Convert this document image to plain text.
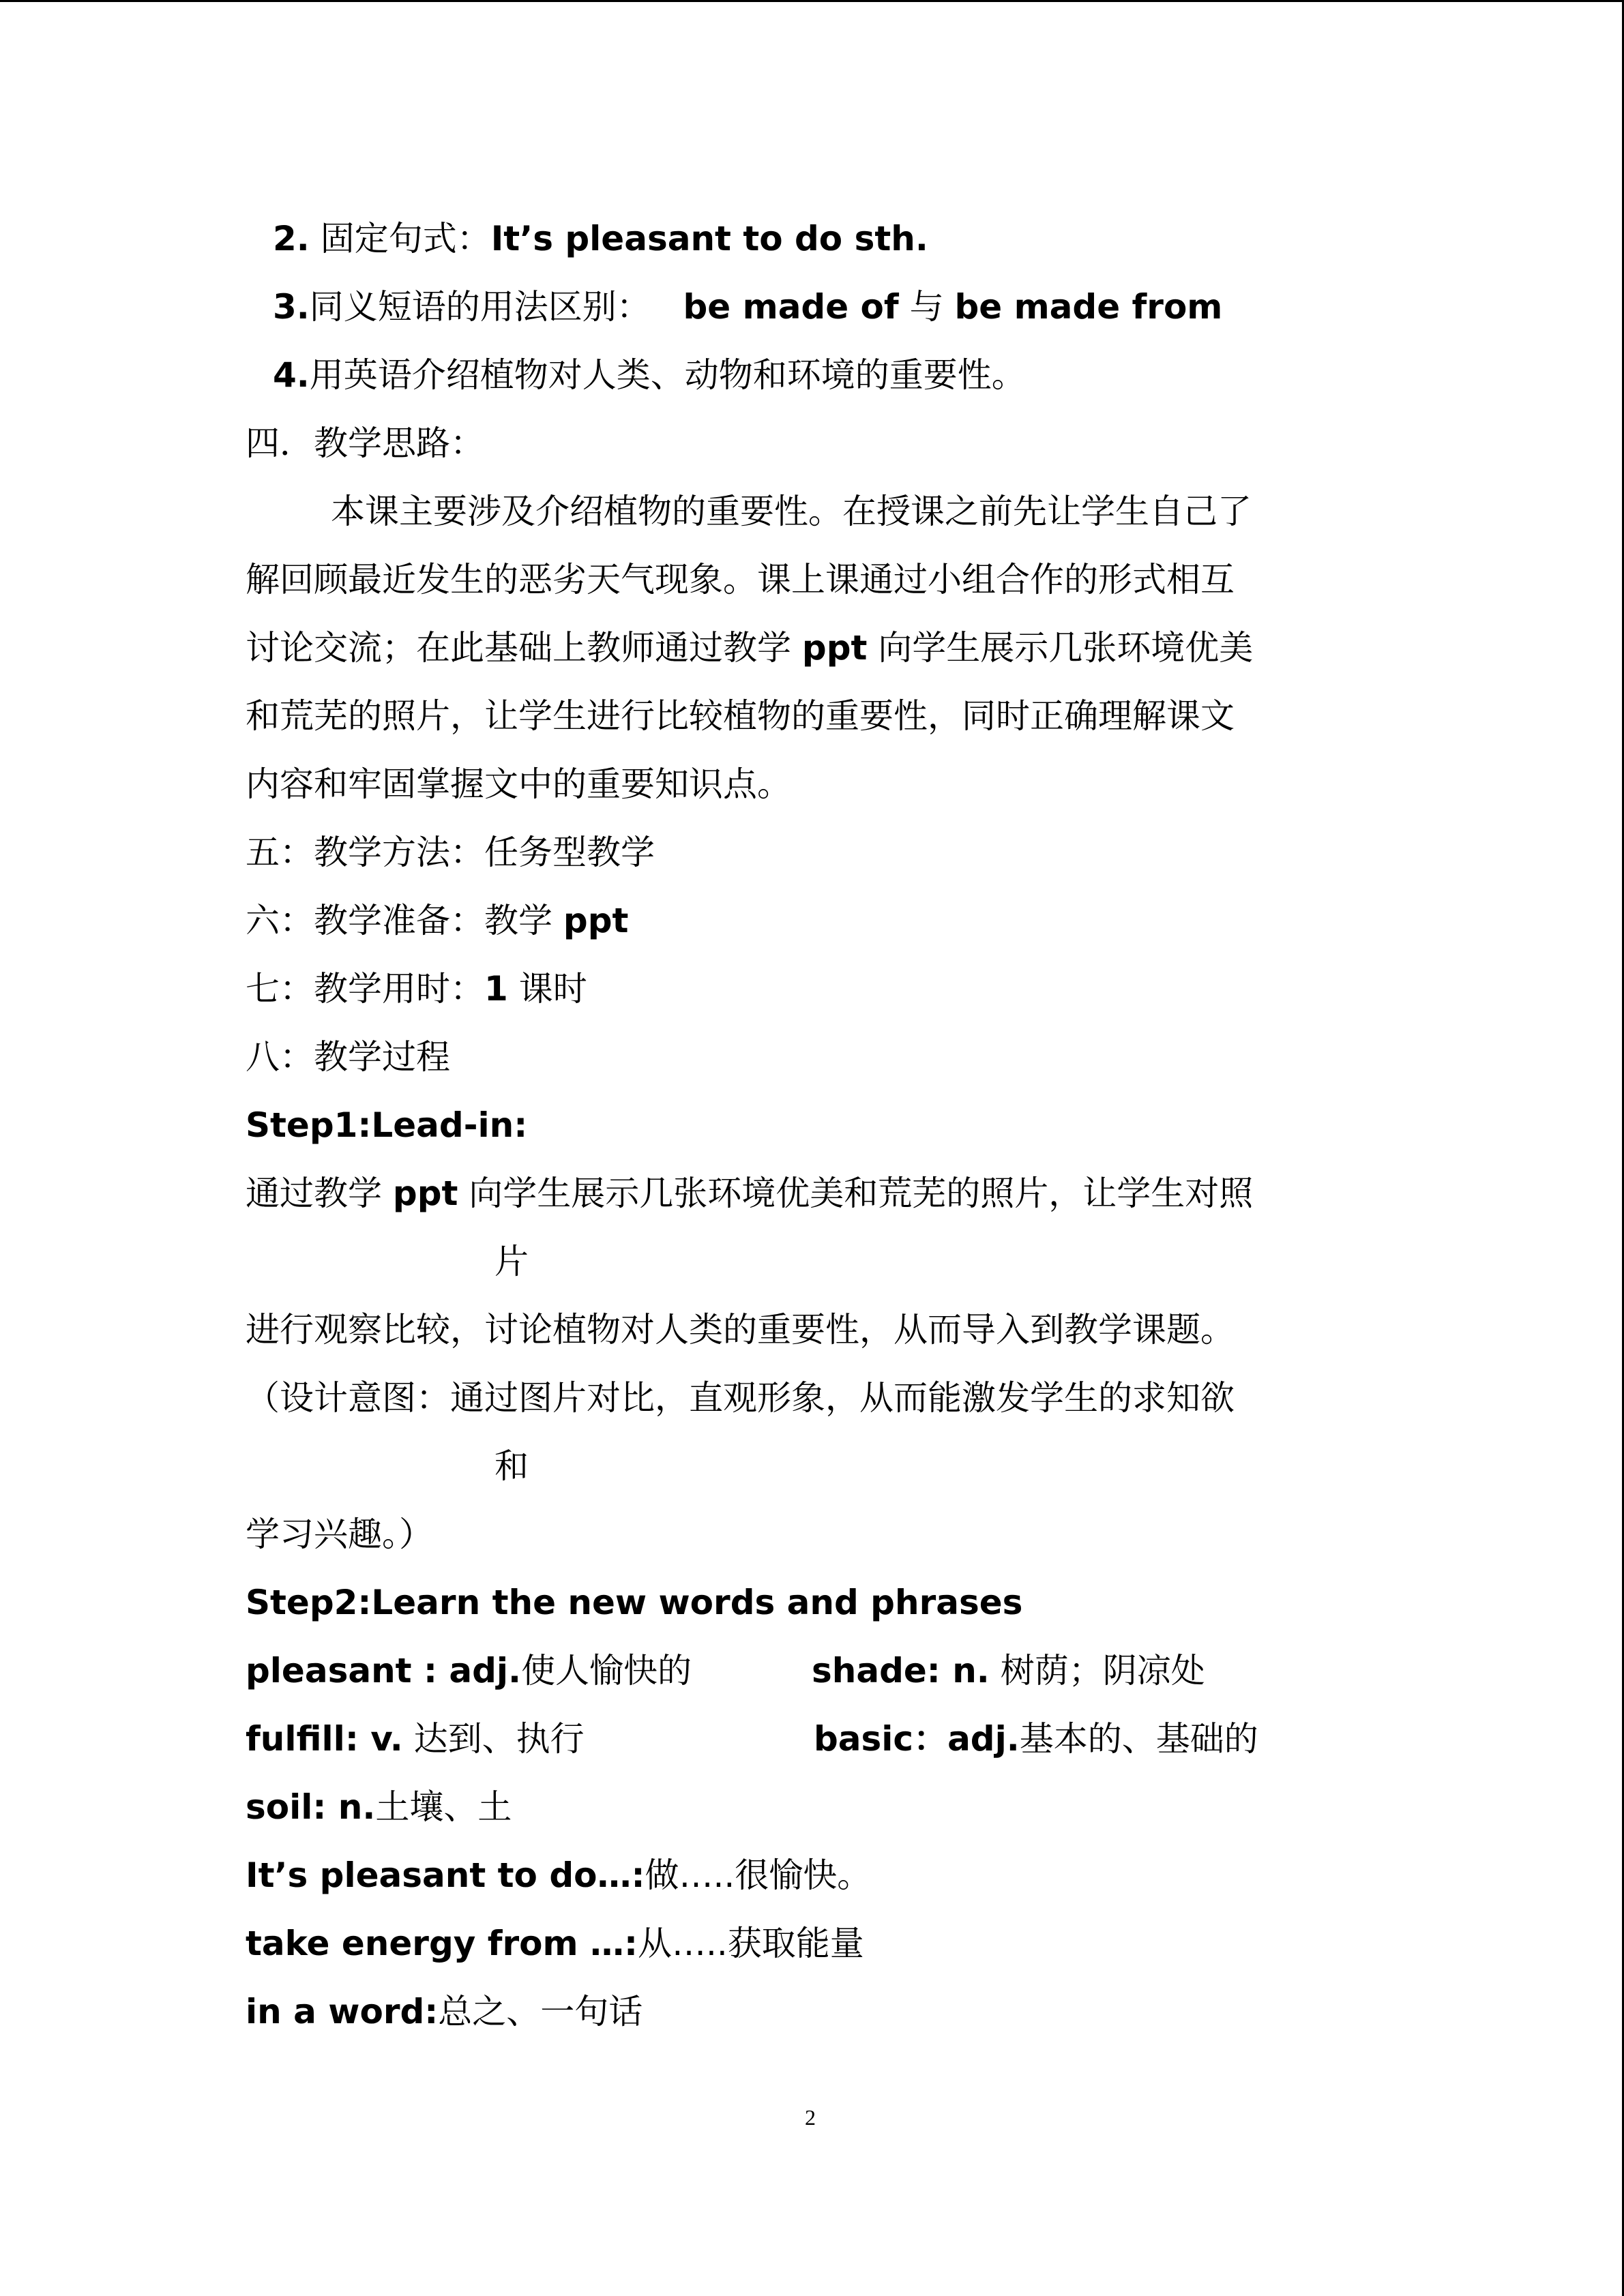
2. 固定句式：It’s pleasant to do sth.
3.同义短语的用法区别： be made of 与 be made from
4.用英语介绍植物对人类、动物和环境的重要性。
四．教学思路：
本课主要涉及介绍植物的重要性。在授课之前先让学生自己了
解回顾最近发生的恶劣天气现象。课上课通过小组合作的形式相互
讨论交流；在此基础上教师通过教学 ppt 向学生展示几张环境优美
和荒芜的照片，让学生进行比较植物的重要性，同时正确理解课文
内容和牢固掌握文中的重要知识点。
五：教学方法：任务型教学
六：教学准备：教学 ppt
七：教学用时：1 课时
八：教学过程
Step1:Lead-in:
通过教学 ppt 向学生展示几张环境优美和荒芜的照片，让学生对照
片
进行观察比较，讨论植物对人类的重要性，从而导入到教学课题。
（设计意图：通过图片对比，直观形象，从而能激发学生的求知欲
和
学习兴趣。）
Step2:Learn the new words and phrases
pleasant : adj.使人愉快的	shade: n. 树荫；阴凉处
fulfill: v. 达到、执行	basic：adj.基本的、基础的
soil: n.土壤、土
It’s pleasant to do…:做…..很愉快。
take energy from …:从…..获取能量
in a word:总之、一句话
2
